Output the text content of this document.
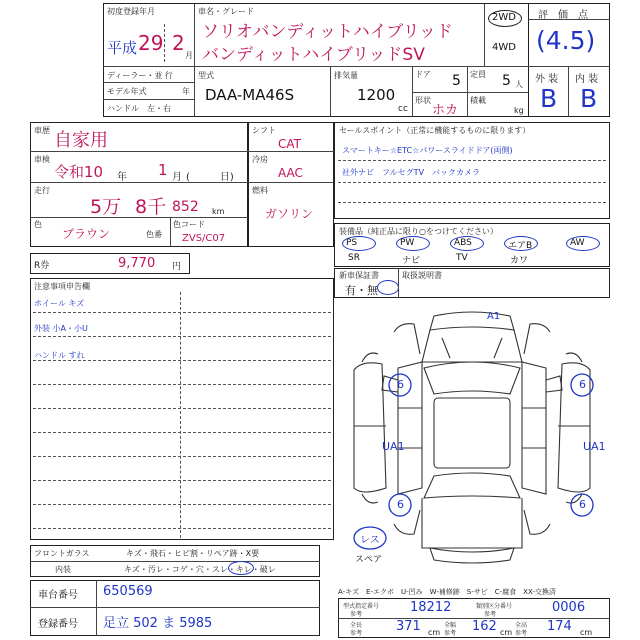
初度登録年月
平成 29 2
月
車名・グレード
ソリオバンディットハイブリッド
バンディットハイブリッドSV
2WD
4WD
ディーラー・並 行
モデル年式	年
ハンドル　左・右
型式
DAA-MA46S
排気量
1200
cc
ドア 5 定員 5 人
形状
ホカ
積載
kg
評　価　点
(4.5)
外 装 内 装
B B
車歴 自家用
車検
令和10 年 1 月 (　　　日)
走行
5万 8千 852 km
色
ブラウン	色番
色コード
ZVS/C07
シフト
CAT
冷房
AAC
燃料
ガソリン
R券	9,770 円
セールスポイント（正常に機能するものに限ります）
スマートキー☆ETC☆パワースライドドア(両側)
社外ナビ　フルセグTV　バックカメラ
装備品（純正品に限り○をつけてください）
PS	PW	ABS	エアB	AW
SR	ナビ	TV	カワ
新車保証書
有・無
取扱説明書
注意事項申告欄
ホイール キズ
外装 小A・小U
ハンドル すれ
A1
6	6
UA1	UA1
6	6
レス
スペア
フロントガラス	キズ・飛石・ヒビ割・リペア跡・X要
内装	キズ・汚レ・コゲ・穴・スレ・キレ・破レ
A-キズ　E-エクボ　U-凹み　W-補修跡　S-サビ　C-腐食　XX-交換済
車台番号 650569
登録番号 足立 502 ま 5985
型式指定番号
参考	18212	類別区分番号
参考	0006
全長
参考	371 cm
全幅
参考 162 cm
全高
参考 174 cm
